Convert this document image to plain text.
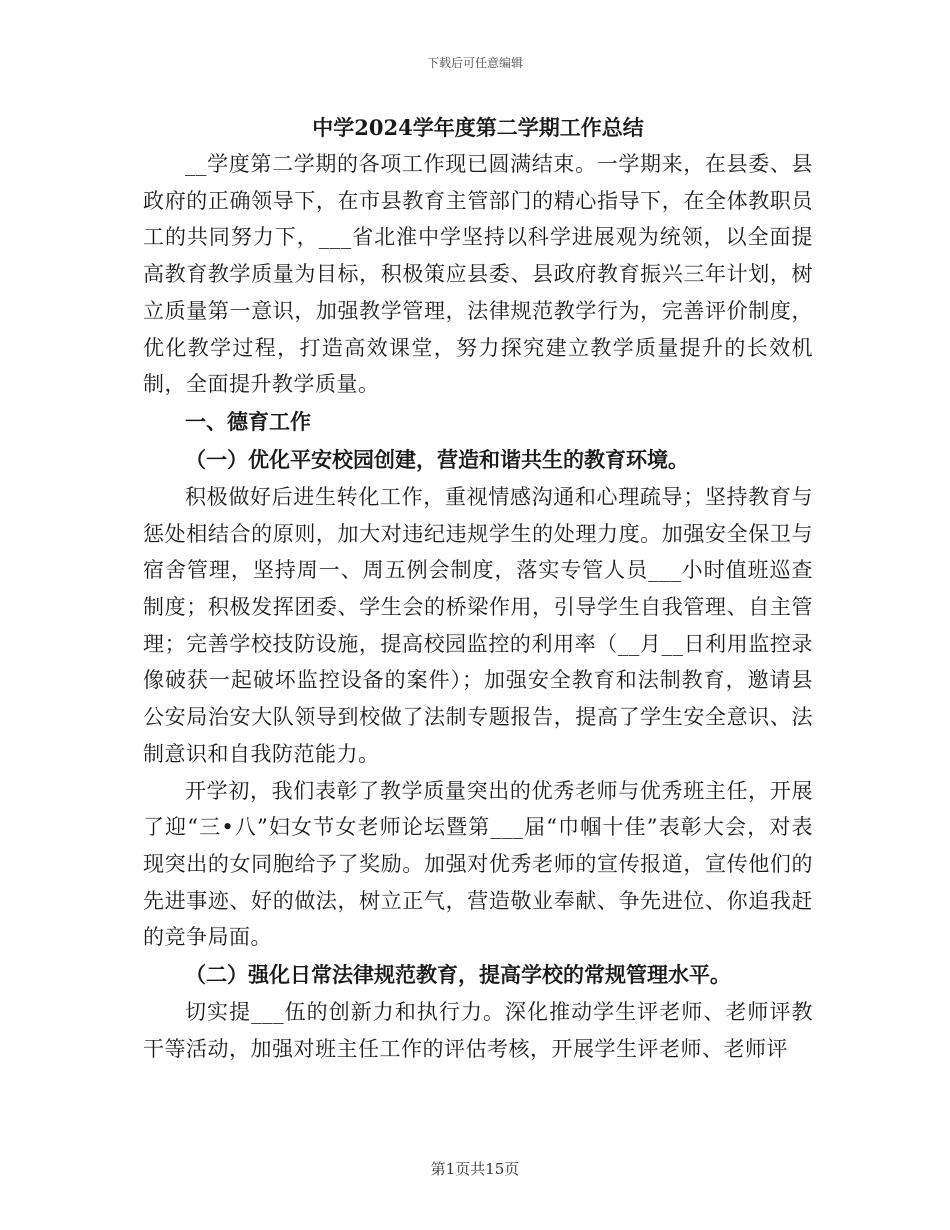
下载后可任意编辑

中学2024学年度第二学期工作总结

__学度第二学期的各项工作现已圆满结束。一学期来，在县委、县政府的正确领导下，在市县教育主管部门的精心指导下，在全体教职员工的共同努力下，___省北淮中学坚持以科学进展观为统领，以全面提高教育教学质量为目标，积极策应县委、县政府教育振兴三年计划，树立质量第一意识，加强教学管理，法律规范教学行为，完善评价制度，优化教学过程，打造高效课堂，努力探究建立教学质量提升的长效机制，全面提升教学质量。

一、德育工作

（一）优化平安校园创建，营造和谐共生的教育环境。

积极做好后进生转化工作，重视情感沟通和心理疏导；坚持教育与惩处相结合的原则，加大对违纪违规学生的处理力度。加强安全保卫与宿舍管理，坚持周一、周五例会制度，落实专管人员___小时值班巡查制度；积极发挥团委、学生会的桥梁作用，引导学生自我管理、自主管理；完善学校技防设施，提高校园监控的利用率（__月__日利用监控录像破获一起破坏监控设备的案件）；加强安全教育和法制教育，邀请县公安局治安大队领导到校做了法制专题报告，提高了学生安全意识、法制意识和自我防范能力。

开学初，我们表彰了教学质量突出的优秀老师与优秀班主任，开展了迎“三•八”妇女节女老师论坛暨第___届“巾帼十佳”表彰大会，对表现突出的女同胞给予了奖励。加强对优秀老师的宣传报道，宣传他们的先进事迹、好的做法，树立正气，营造敬业奉献、争先进位、你追我赶的竞争局面。

（二）强化日常法律规范教育，提高学校的常规管理水平。

切实提___伍的创新力和执行力。深化推动学生评老师、老师评教干等活动，加强对班主任工作的评估考核，开展学生评老师、老师评

第1页共15页
